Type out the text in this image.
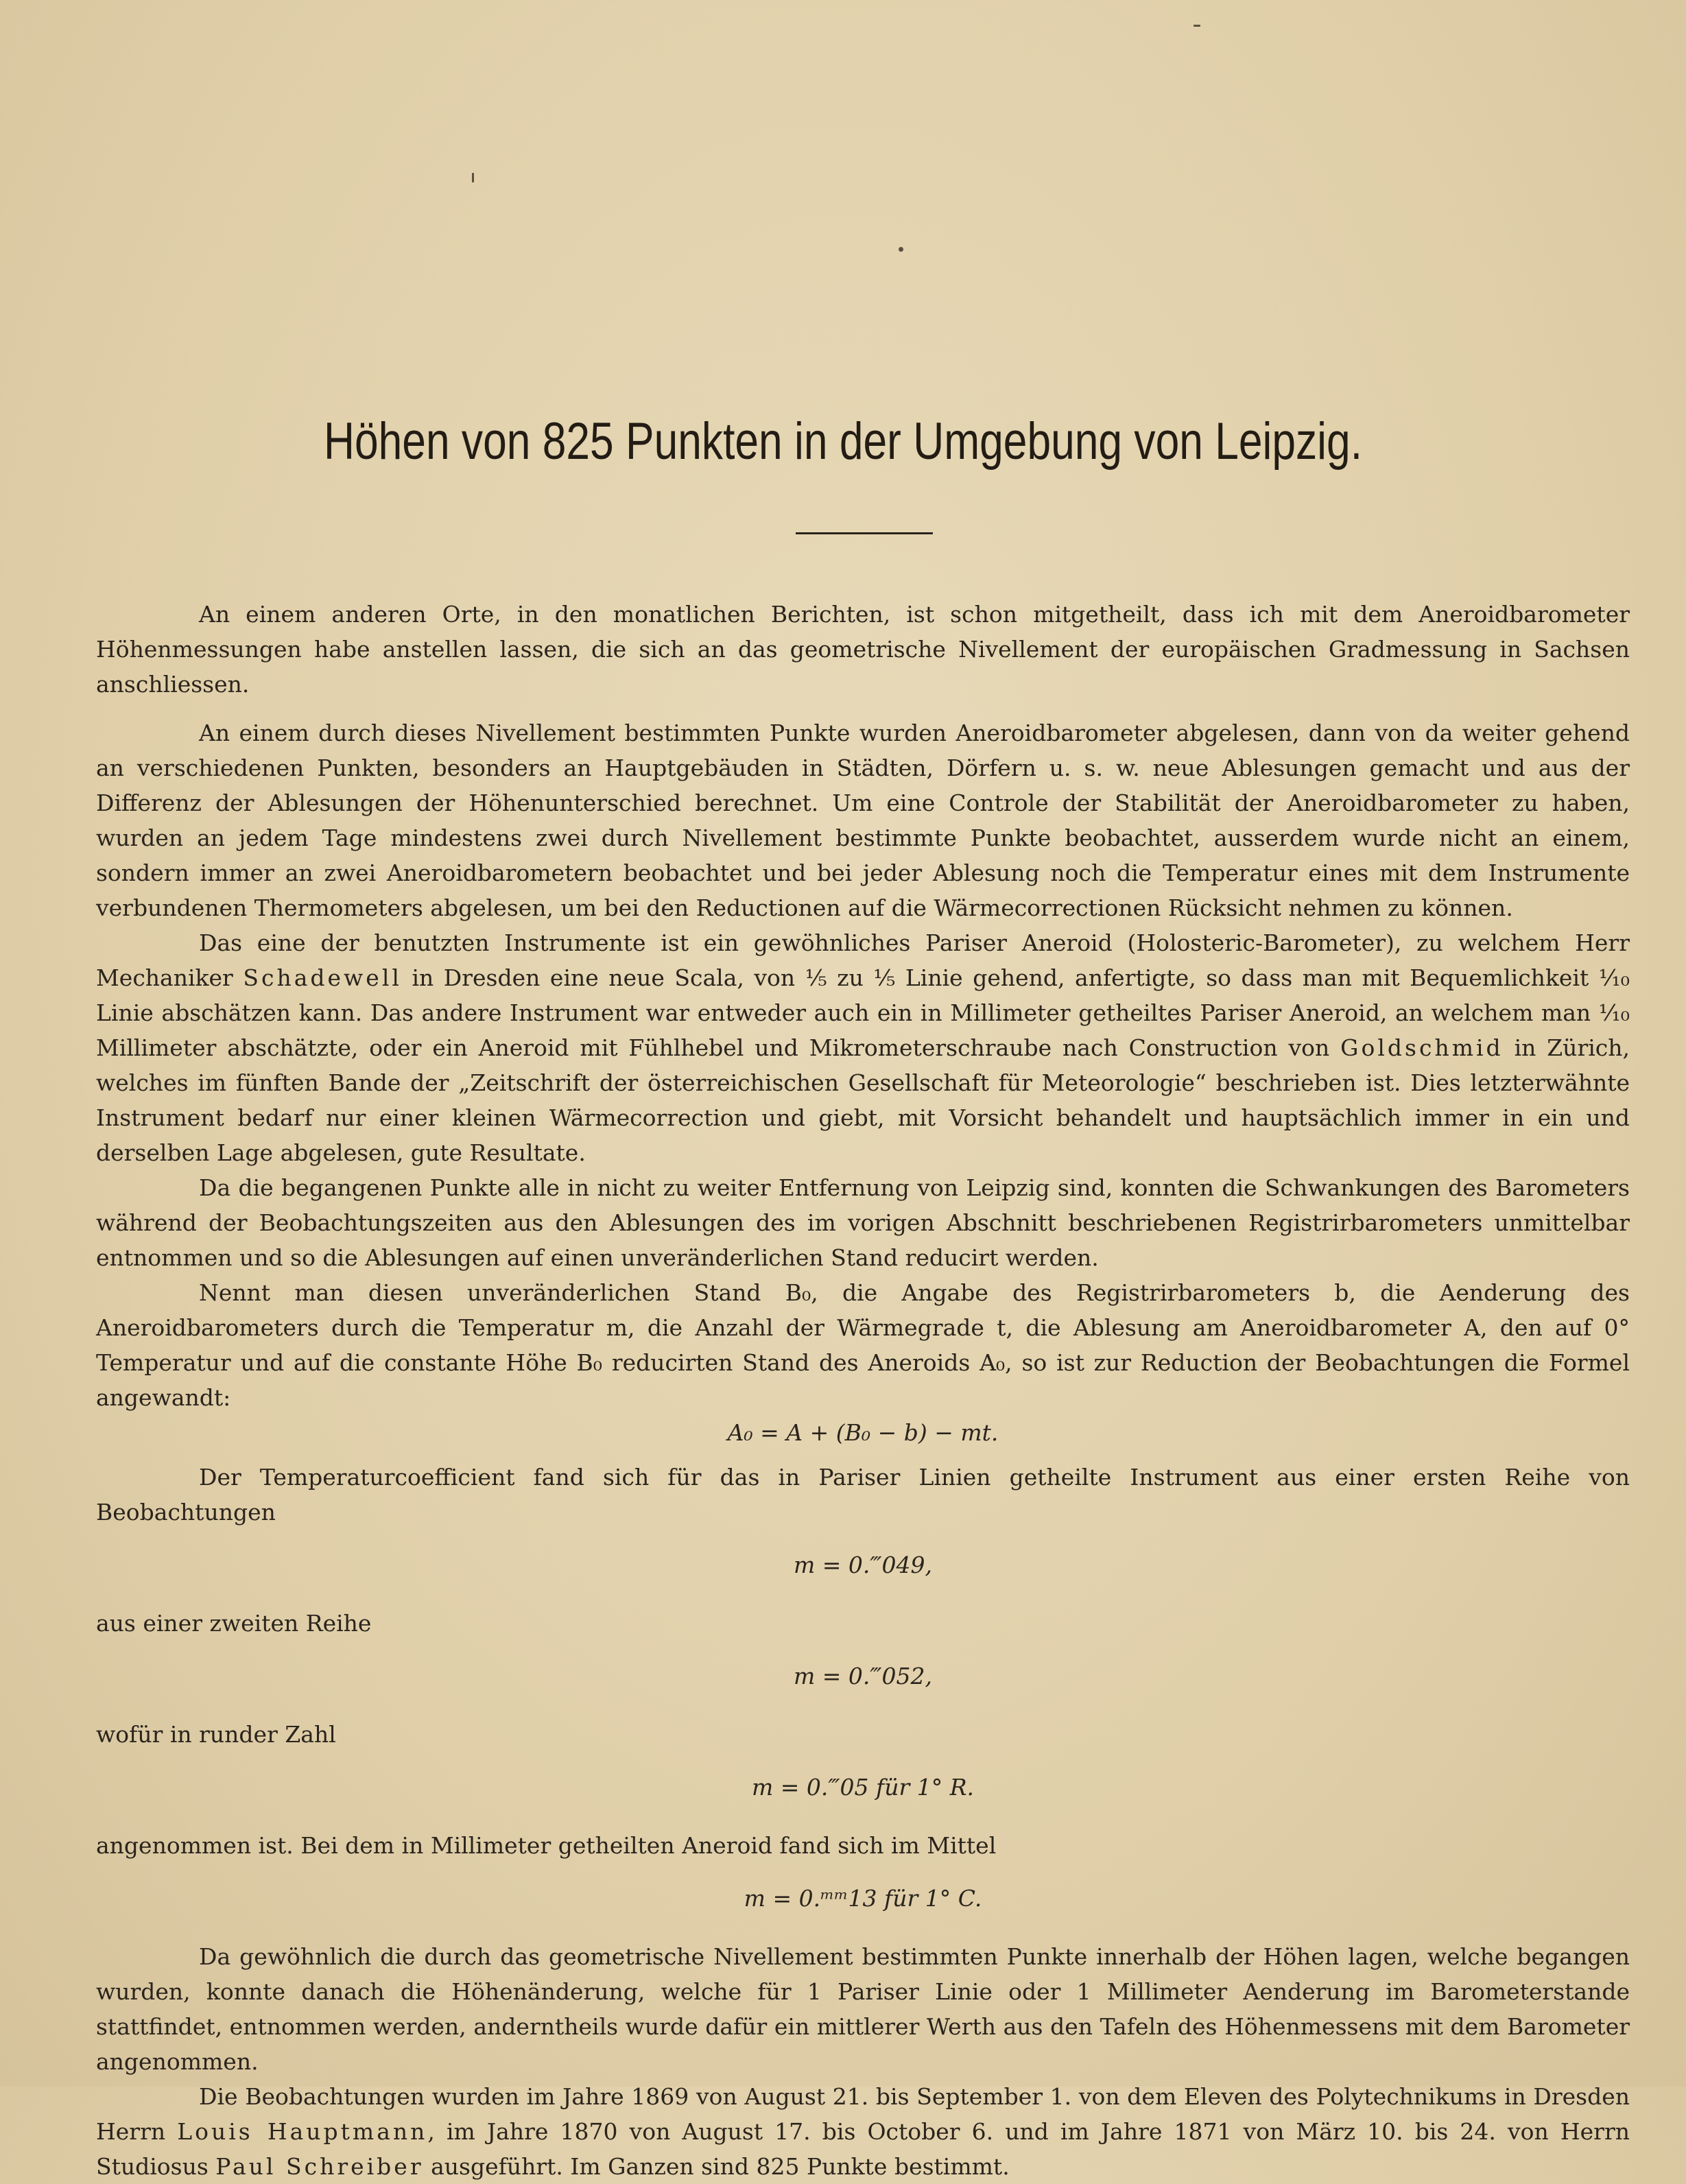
Höhen von 825 Punkten in der Umgebung von Leipzig.

An einem anderen Orte, in den monatlichen Berichten, ist schon mitgetheilt, dass ich mit dem Aneroidbarometer Höhenmessungen habe anstellen lassen, die sich an das geometrische Nivellement der europäischen Gradmessung in Sachsen anschliessen.

An einem durch dieses Nivellement bestimmten Punkte wurden Aneroidbarometer abgelesen, dann von da weiter gehend an verschiedenen Punkten, besonders an Hauptgebäuden in Städten, Dörfern u. s. w. neue Ablesungen gemacht und aus der Differenz der Ablesungen der Höhenunterschied berechnet. Um eine Controle der Stabilität der Aneroidbarometer zu haben, wurden an jedem Tage mindestens zwei durch Nivellement bestimmte Punkte beobachtet, ausserdem wurde nicht an einem, sondern immer an zwei Aneroidbarometern beobachtet und bei jeder Ablesung noch die Temperatur eines mit dem Instrumente verbundenen Thermometers abgelesen, um bei den Reductionen auf die Wärmecorrectionen Rücksicht nehmen zu können.

Das eine der benutzten Instrumente ist ein gewöhnliches Pariser Aneroid (Holosteric-Barometer), zu welchem Herr Mechaniker Schadewell in Dresden eine neue Scala, von ⅕ zu ⅕ Linie gehend, anfertigte, so dass man mit Bequemlichkeit ⅒ Linie abschätzen kann. Das andere Instrument war entweder auch ein in Millimeter getheiltes Pariser Aneroid, an welchem man ⅒ Millimeter abschätzte, oder ein Aneroid mit Fühlhebel und Mikrometerschraube nach Construction von Goldschmid in Zürich, welches im fünften Bande der „Zeitschrift der österreichischen Gesellschaft für Meteorologie“ beschrieben ist. Dies letzterwähnte Instrument bedarf nur einer kleinen Wärmecorrection und giebt, mit Vorsicht behandelt und hauptsächlich immer in ein und derselben Lage abgelesen, gute Resultate.

Da die begangenen Punkte alle in nicht zu weiter Entfernung von Leipzig sind, konnten die Schwankungen des Barometers während der Beobachtungszeiten aus den Ablesungen des im vorigen Abschnitt beschriebenen Registrirbarometers unmittelbar entnommen und so die Ablesungen auf einen unveränderlichen Stand reducirt werden.

Nennt man diesen unveränderlichen Stand B₀, die Angabe des Registrirbarometers b, die Aenderung des Aneroidbarometers durch die Temperatur m, die Anzahl der Wärmegrade t, die Ablesung am Aneroidbarometer A, den auf 0° Temperatur und auf die constante Höhe B₀ reducirten Stand des Aneroids A₀, so ist zur Reduction der Beobachtungen die Formel angewandt:

A₀ = A + (B₀ − b) − mt.

Der Temperaturcoefficient fand sich für das in Pariser Linien getheilte Instrument aus einer ersten Reihe von Beobachtungen

m = 0.‴049,

aus einer zweiten Reihe

m = 0.‴052,

wofür in runder Zahl

m = 0.‴05 für 1° R.

angenommen ist. Bei dem in Millimeter getheilten Aneroid fand sich im Mittel

m = 0.ᵐᵐ13 für 1° C.

Da gewöhnlich die durch das geometrische Nivellement bestimmten Punkte innerhalb der Höhen lagen, welche begangen wurden, konnte danach die Höhenänderung, welche für 1 Pariser Linie oder 1 Millimeter Aenderung im Barometerstande stattfindet, entnommen werden, anderntheils wurde dafür ein mittlerer Werth aus den Tafeln des Höhenmessens mit dem Barometer angenommen.

Die Beobachtungen wurden im Jahre 1869 von August 21. bis September 1. von dem Eleven des Polytechnikums in Dresden Herrn Louis Hauptmann, im Jahre 1870 von August 17. bis October 6. und im Jahre 1871 von März 10. bis 24. von Herrn Studiosus Paul Schreiber ausgeführt. Im Ganzen sind 825 Punkte bestimmt.
